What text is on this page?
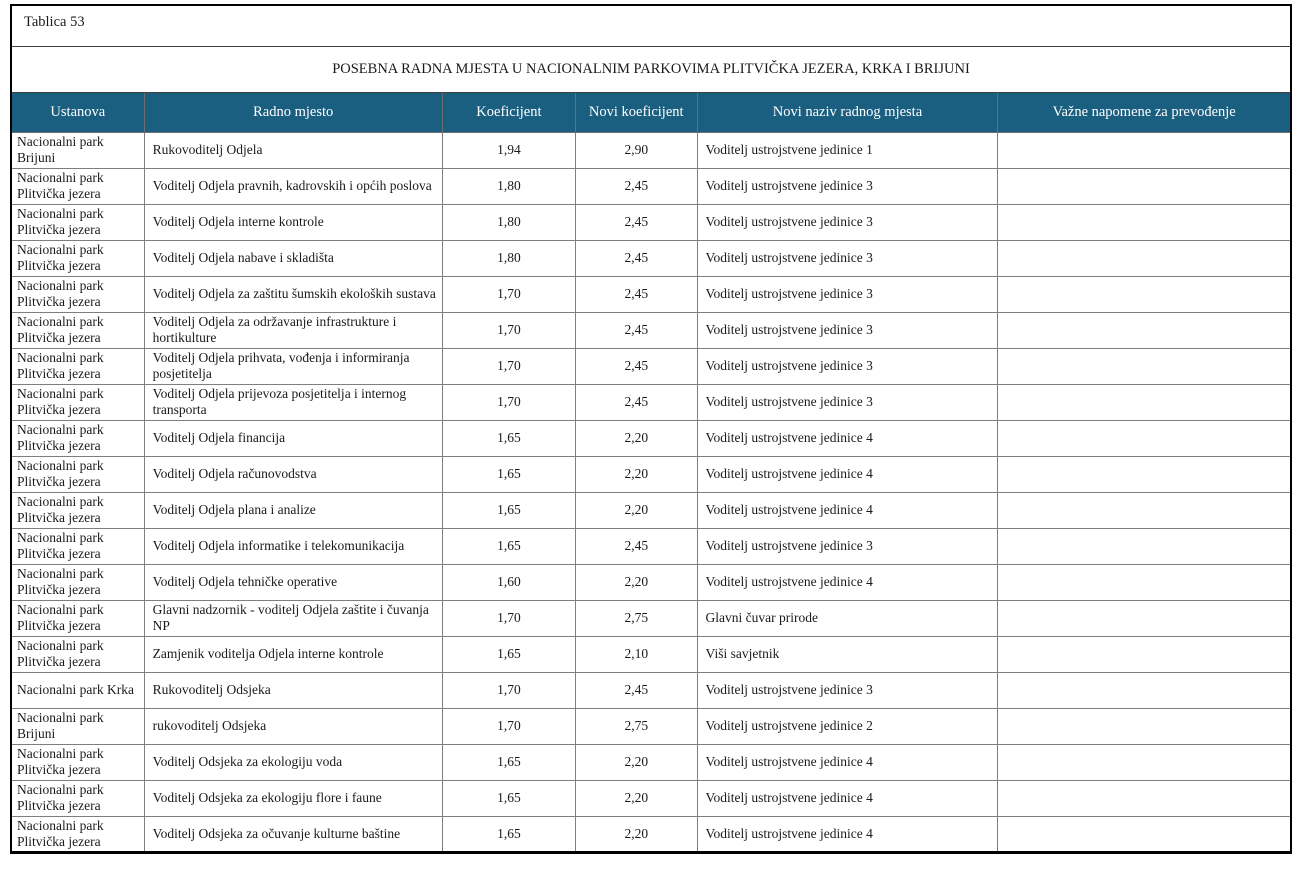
Tablica 53					
POSEBNA RADNA MJESTA U NACIONALNIM PARKOVIMA PLITVIČKA JEZERA, KRKA I BRIJUNI					
Ustanova	Radno mjesto	Koeficijent	Novi koeficijent	Novi naziv radnog mjesta	Važne napomene za prevođenje
Nacionalni park Brijuni	Rukovoditelj Odjela	1,94	2,90	Voditelj ustrojstvene jedinice 1	
Nacionalni park Plitvička jezera	Voditelj Odjela pravnih, kadrovskih i općih poslova	1,80	2,45	Voditelj ustrojstvene jedinice 3	
Nacionalni park Plitvička jezera	Voditelj Odjela interne kontrole	1,80	2,45	Voditelj ustrojstvene jedinice 3	
Nacionalni park Plitvička jezera	Voditelj Odjela nabave i skladišta	1,80	2,45	Voditelj ustrojstvene jedinice 3	
Nacionalni park Plitvička jezera	Voditelj Odjela za zaštitu šumskih ekoloških sustava	1,70	2,45	Voditelj ustrojstvene jedinice 3	
Nacionalni park Plitvička jezera	Voditelj Odjela za održavanje infrastrukture i hortikulture	1,70	2,45	Voditelj ustrojstvene jedinice 3	
Nacionalni park Plitvička jezera	Voditelj Odjela prihvata, vođenja i informiranja posjetitelja	1,70	2,45	Voditelj ustrojstvene jedinice 3	
Nacionalni park Plitvička jezera	Voditelj Odjela prijevoza posjetitelja i internog transporta	1,70	2,45	Voditelj ustrojstvene jedinice 3	
Nacionalni park Plitvička jezera	Voditelj Odjela financija	1,65	2,20	Voditelj ustrojstvene jedinice 4	
Nacionalni park Plitvička jezera	Voditelj Odjela računovodstva	1,65	2,20	Voditelj ustrojstvene jedinice 4	
Nacionalni park Plitvička jezera	Voditelj Odjela plana i analize	1,65	2,20	Voditelj ustrojstvene jedinice 4	
Nacionalni park Plitvička jezera	Voditelj Odjela informatike i telekomunikacija	1,65	2,45	Voditelj ustrojstvene jedinice 3	
Nacionalni park Plitvička jezera	Voditelj Odjela tehničke operative	1,60	2,20	Voditelj ustrojstvene jedinice 4	
Nacionalni park Plitvička jezera	Glavni nadzornik - voditelj Odjela zaštite i čuvanja NP	1,70	2,75	Glavni čuvar prirode	
Nacionalni park Plitvička jezera	Zamjenik voditelja Odjela interne kontrole	1,65	2,10	Viši savjetnik	
Nacionalni park Krka	Rukovoditelj Odsjeka	1,70	2,45	Voditelj ustrojstvene jedinice 3	
Nacionalni park Brijuni	rukovoditelj Odsjeka	1,70	2,75	Voditelj ustrojstvene jedinice 2	
Nacionalni park Plitvička jezera	Voditelj Odsjeka za ekologiju voda	1,65	2,20	Voditelj ustrojstvene jedinice 4	
Nacionalni park Plitvička jezera	Voditelj Odsjeka za ekologiju flore i faune	1,65	2,20	Voditelj ustrojstvene jedinice 4	
Nacionalni park Plitvička jezera	Voditelj Odsjeka za očuvanje kulturne baštine	1,65	2,20	Voditelj ustrojstvene jedinice 4	
